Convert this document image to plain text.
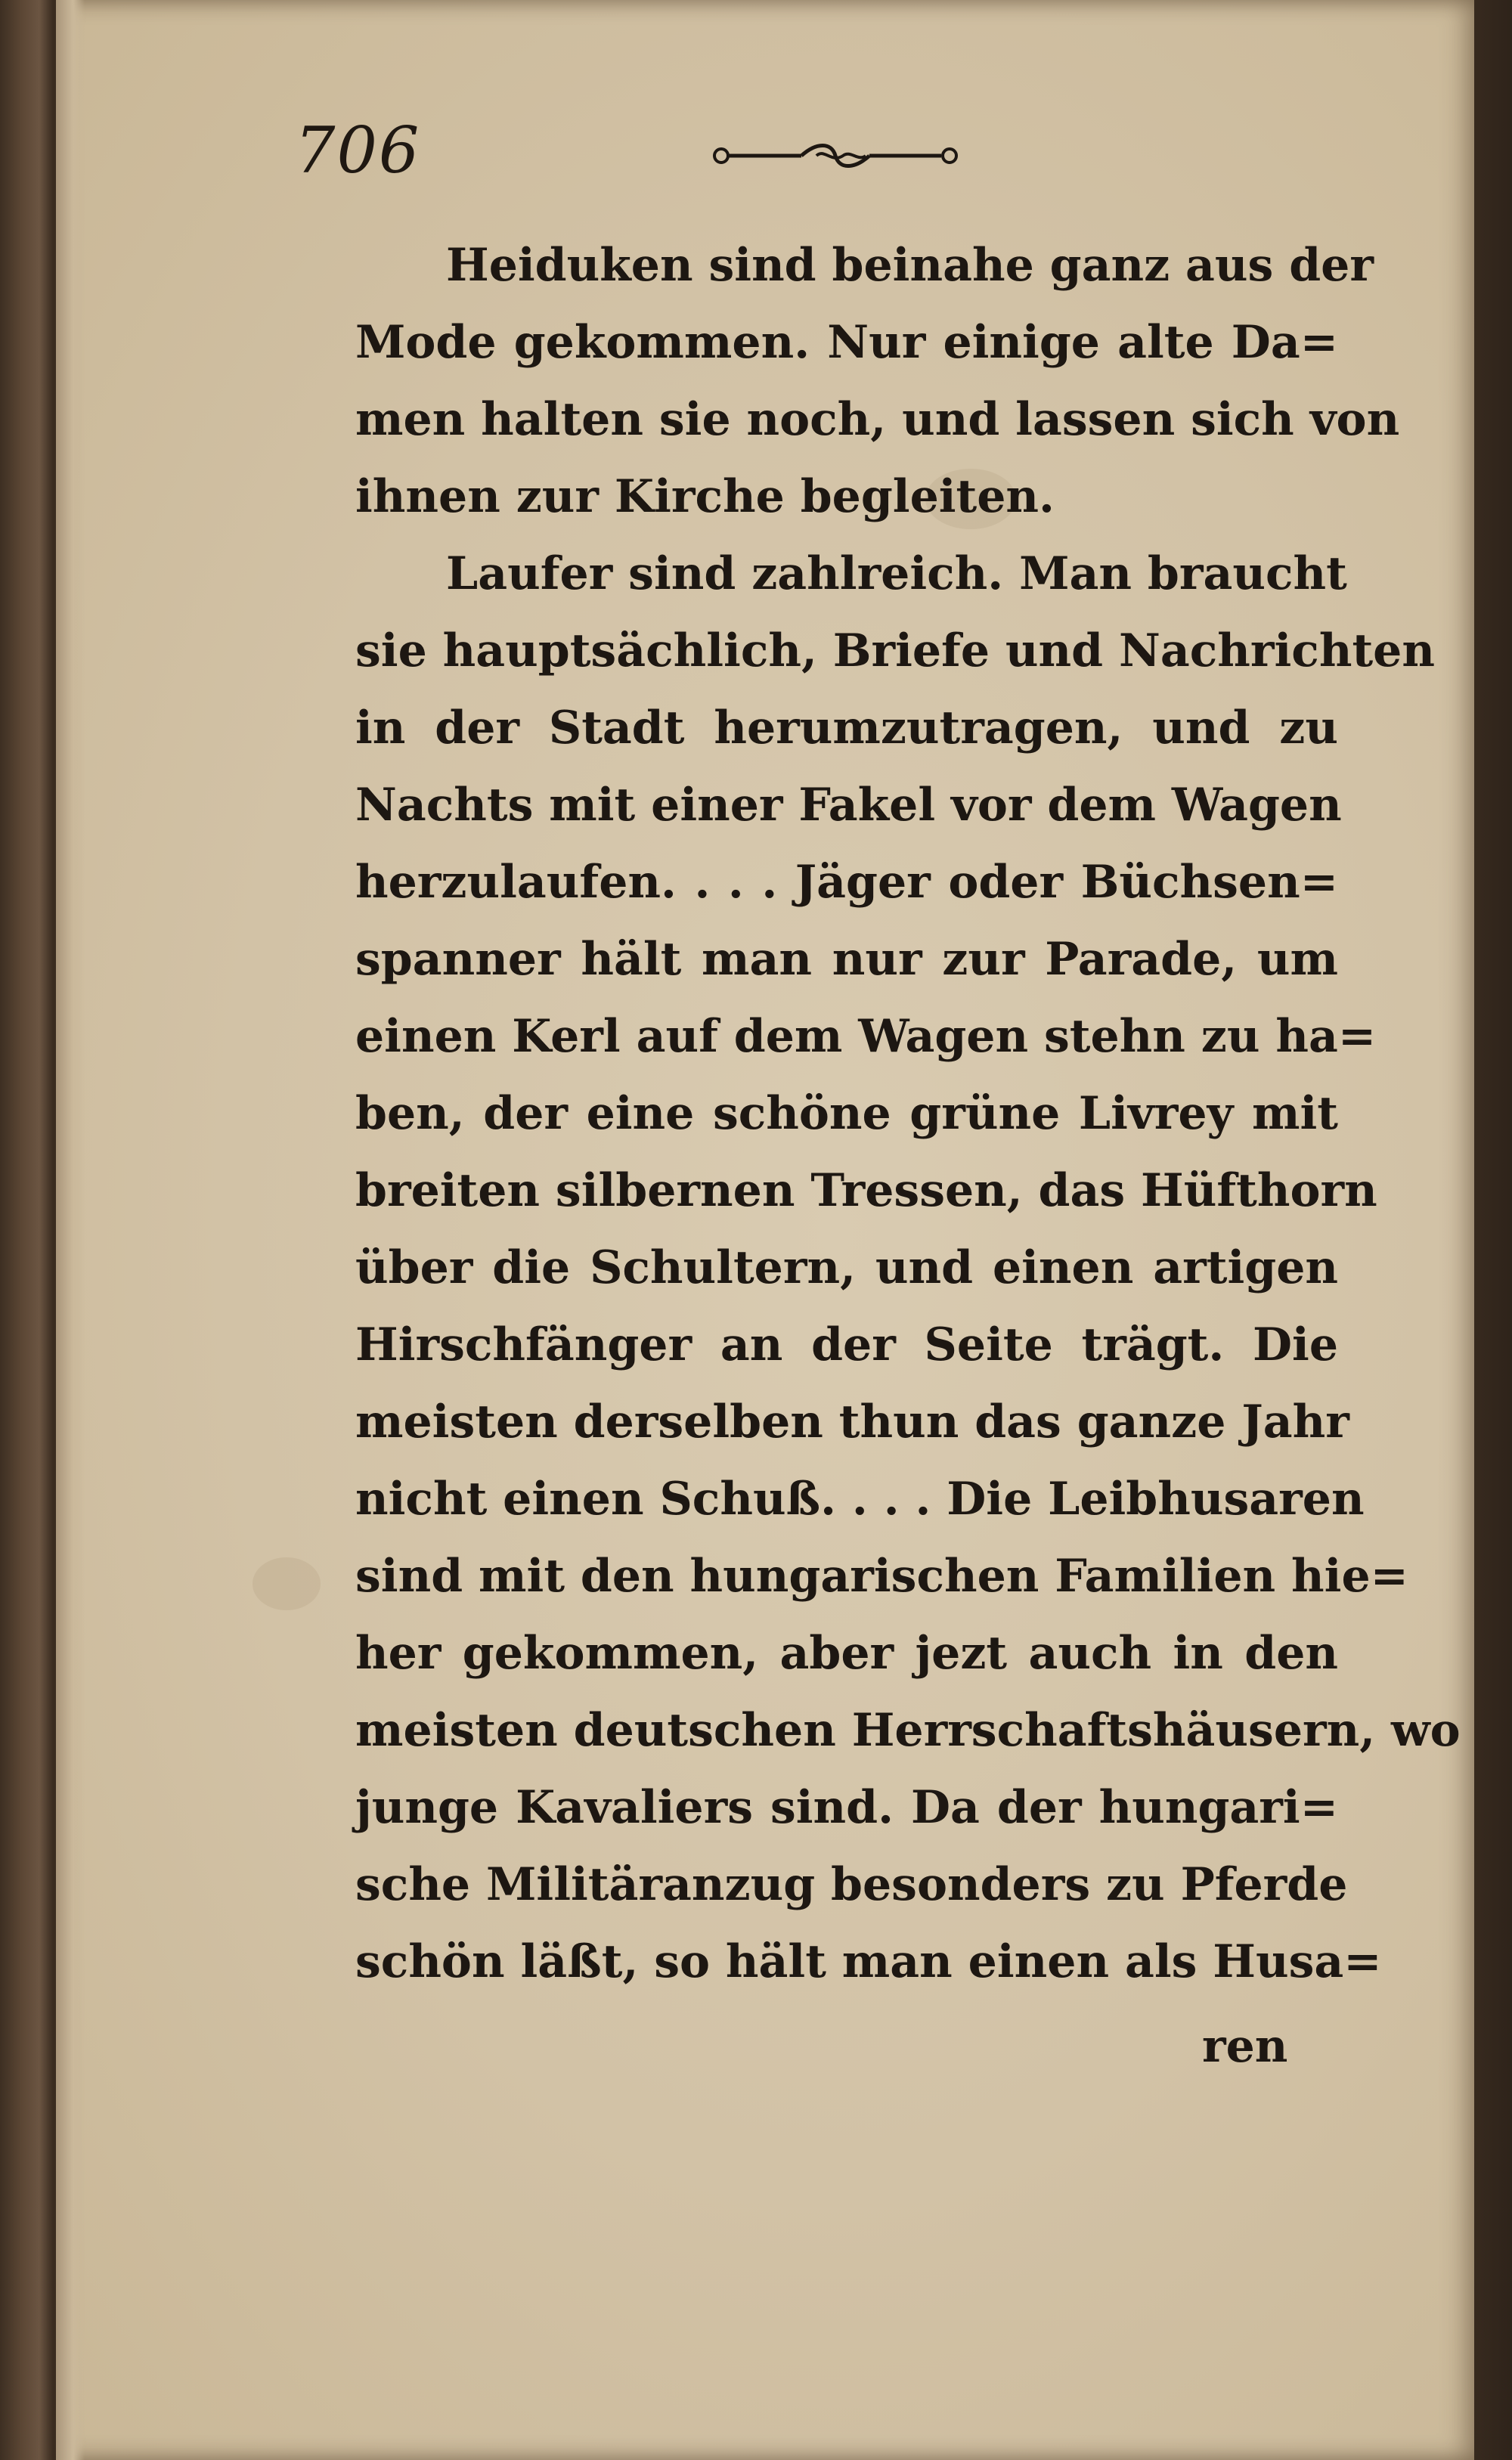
706
Heiduken sind beinahe ganz aus der
Mode gekommen. Nur einige alte Da=
men halten sie noch, und lassen sich von
ihnen zur Kirche begleiten.
Laufer sind zahlreich. Man braucht
sie hauptsächlich, Briefe und Nachrichten
in der Stadt herumzutragen, und zu
Nachts mit einer Fakel vor dem Wagen
herzulaufen. . . . Jäger oder Büchsen=
spanner hält man nur zur Parade, um
einen Kerl auf dem Wagen stehn zu ha=
ben, der eine schöne grüne Livrey mit
breiten silbernen Tressen, das Hüfthorn
über die Schultern, und einen artigen
Hirschfänger an der Seite trägt. Die
meisten derselben thun das ganze Jahr
nicht einen Schuß. . . . Die Leibhusaren
sind mit den hungarischen Familien hie=
her gekommen, aber jezt auch in den
meisten deutschen Herrschaftshäusern, wo
junge Kavaliers sind. Da der hungari=
sche Militäranzug besonders zu Pferde
schön läßt, so hält man einen als Husa=
ren
